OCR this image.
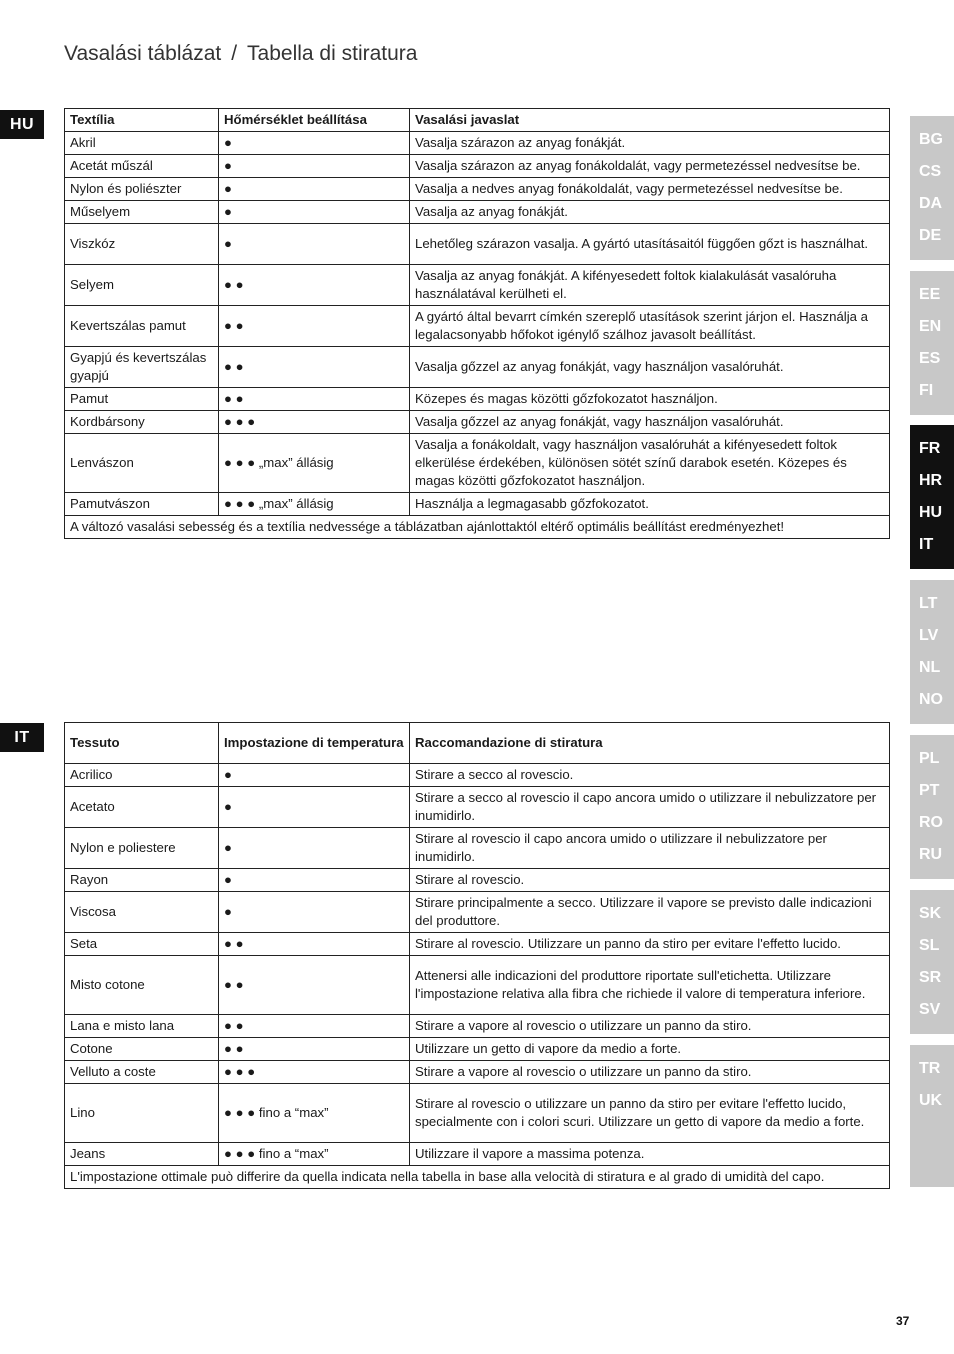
Vasalási táblázat / Tabella di stiratura
HU
IT
Textília	Hőmérséklet beállítása	Vasalási javaslat
Akril	●	Vasalja szárazon az anyag fonákját.
Acetát műszál	●	Vasalja szárazon az anyag fonákoldalát, vagy permetezéssel nedvesítse be.
Nylon és poliészter	●	Vasalja a nedves anyag fonákoldalát, vagy permetezéssel nedvesítse be.
Műselyem	●	Vasalja az anyag fonákját.
Viszkóz	●	Lehetőleg szárazon vasalja. A gyártó utasításaitól függően gőzt is használhat.
Selyem	● ●	Vasalja az anyag fonákját. A kifényesedett foltok kialakulását vasalóruha használatával kerülheti el.
Kevertszálas pamut	● ●	A gyártó által bevarrt címkén szereplő utasítások szerint járjon el. Használja a legalacsonyabb hőfokot igénylő szálhoz javasolt beállítást.
Gyapjú és kevertszálas gyapjú	● ●	Vasalja gőzzel az anyag fonákját, vagy használjon vasalóruhát.
Pamut	● ●	Közepes és magas közötti gőzfokozatot használjon.
Kordbársony	● ● ●	Vasalja gőzzel az anyag fonákját, vagy használjon vasalóruhát.
Lenvászon	● ● ● „max” állásig	Vasalja a fonákoldalt, vagy használjon vasalóruhát a kifényesedett foltok elkerülése érdekében, különösen sötét színű darabok esetén. Közepes és magas közötti gőzfokozatot használjon.
Pamutvászon	● ● ● „max” állásig	Használja a legmagasabb gőzfokozatot.
A változó vasalási sebesség és a textília nedvessége a táblázatban ajánlottaktól eltérő optimális beállítást eredményezhet!		
Tessuto	Impostazione di temperatura	Raccomandazione di stiratura
Acrilico	●	Stirare a secco al rovescio.
Acetato	●	Stirare a secco al rovescio il capo ancora umido o utilizzare il nebulizzatore per inumidirlo.
Nylon e poliestere	●	Stirare al rovescio il capo ancora umido o utilizzare il nebulizzatore per inumidirlo.
Rayon	●	Stirare al rovescio.
Viscosa	●	Stirare principalmente a secco. Utilizzare il vapore se previsto dalle indicazioni del produttore.
Seta	● ●	Stirare al rovescio. Utilizzare un panno da stiro per evitare l'effetto lucido.
Misto cotone	● ●	Attenersi alle indicazioni del produttore riportate sull'etichetta. Utilizzare l'impostazione relativa alla fibra che richiede il valore di temperatura inferiore.
Lana e misto lana	● ●	Stirare a vapore al rovescio o utilizzare un panno da stiro.
Cotone	● ●	Utilizzare un getto di vapore da medio a forte.
Velluto a coste	● ● ●	Stirare a vapore al rovescio o utilizzare un panno da stiro.
Lino	● ● ● fino a “max”	Stirare al rovescio o utilizzare un panno da stiro per evitare l'effetto lucido, specialmente con i colori scuri. Utilizzare un getto di vapore da medio a forte.
Jeans	● ● ● fino a “max”	Utilizzare il vapore a massima potenza.
L'impostazione ottimale può differire da quella indicata nella tabella in base alla velocità di stiratura e al grado di umidità del capo.		
BG
CS
DA
DE
EE
EN
ES
FI
FR
HR
HU
IT
LT
LV
NL
NO
PL
PT
RO
RU
SK
SL
SR
SV
TR
UK
37
